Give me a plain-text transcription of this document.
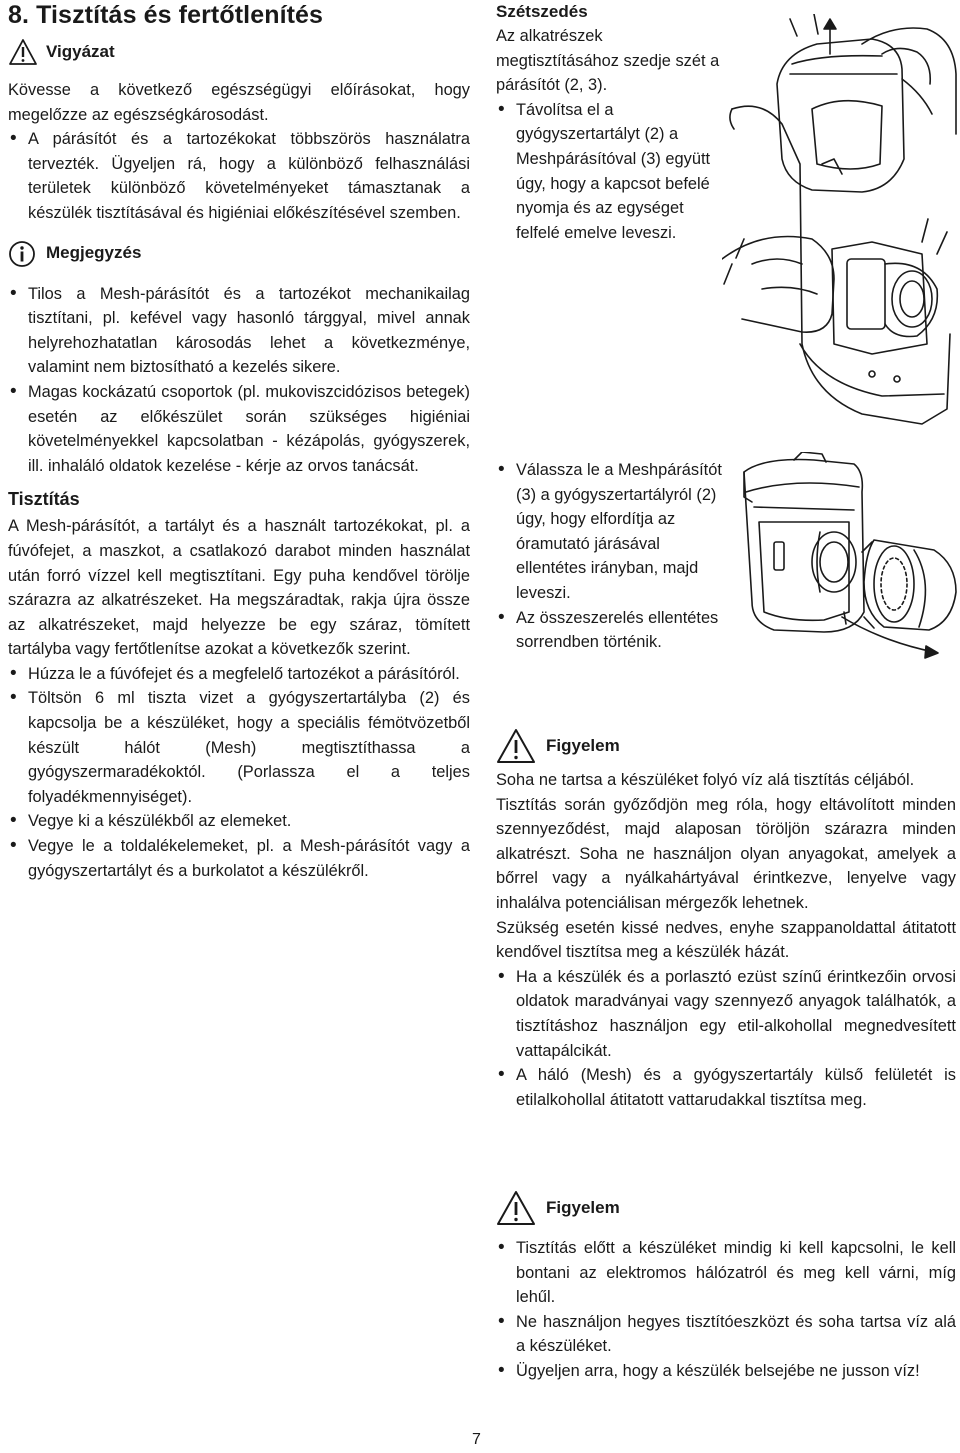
8. Tisztítás és fertőtlenítés
Vigyázat

Kövesse a következő egészségügyi előírásokat, hogy megelőzze az egészségkárosodást.

• A párásítót és a tartozékokat többszörös használatra tervezték. Ügyeljen rá, hogy a különböző felhasználási területek különböző követelményeket támasztanak a készülék tisztításával és higiéniai előkészítésével szemben.
Megjegyzés
• Tilos a Mesh-párásítót és a tartozékot mechanikailag tisztítani, pl. kefével vagy hasonló tárggyal, mivel annak helyrehozhatatlan károsodás lehet a következménye, valamint nem biztosítható a kezelés sikere.
• Magas kockázatú csoportok (pl. mukoviszcidózisos betegek) esetén az előkészület során szükséges higiéniai követelményekkel kapcsolatban - kézápolás, gyógyszerek, ill. inhaláló oldatok kezelése - kérje az orvos tanácsát.
Tisztítás

A Mesh-párásítót, a tartályt és a használt tartozékokat, pl. a fúvófejet, a maszkot, a csatlakozó darabot minden használat után forró vízzel kell megtisztítani. Egy puha kendővel törölje szárazra az alkatrészeket. Ha megszáradtak, rakja újra össze az alkatrészeket, majd helyezze be egy száraz, tömített tartályba vagy fertőtlenítse azokat a következők szerint.

• Húzza le a fúvófejet és a megfelelő tartozékot a párásítóról.
• Töltsön 6 ml tiszta vizet a gyógyszertartályba (2) és kapcsolja be a készüléket, hogy a speciális fémötvözetből készült hálót (Mesh) megtisztíthassa a gyógyszermaradékoktól. (Porlassza el a teljes folyadékmennyiséget).
• Vegye ki a készülékből az elemeket.
• Vegye le a toldalékelemeket, pl. a Mesh-párásítót vagy a gyógyszertartályt és a burkolatot a készülékről.
Szétszedés

Az alkatrészek megtisztításához szedje szét a párásítót (2, 3).

• Távolítsa el a gyógyszertartályt (2) a Meshpárásítóval (3) együtt úgy, hogy a kapcsot befelé nyomja és az egységet felfelé emelve leveszi.
• Válassza le a Meshpárásítót (3) a gyógyszertartályról (2) úgy, hogy elfordítja az óramutató járásával ellentétes irányban, majd leveszi.
• Az összeszerelés ellentétes sorrendben történik.
Figyelem

Soha ne tartsa a készüléket folyó víz alá tisztítás céljából.

Tisztítás során győződjön meg róla, hogy eltávolított minden szennyeződést, majd alaposan töröljön szárazra minden alkatrészt. Soha ne használjon olyan anyagokat, amelyek a bőrrel vagy a nyálkahártyával érintkezve, lenyelve vagy inhalálva potenciálisan mérgezők lehetnek.

Szükség esetén kissé nedves, enyhe szappanoldattal átitatott kendővel tisztítsa meg a készülék házát.

• Ha a készülék és a porlasztó ezüst színű érintkezőin orvosi oldatok maradványai vagy szennyező anyagok találhatók, a tisztításhoz használjon egy etil-alkohollal megnedvesített vattapálcikát.
• A háló (Mesh) és a gyógyszertartály külső felületét is etilalkohollal átitatott vattarudakkal tisztítsa meg.
Figyelem
• Tisztítás előtt a készüléket mindig ki kell kapcsolni, le kell bontani az elektromos hálózatról és meg kell várni, míg lehűl.
• Ne használjon hegyes tisztítóeszközt és soha tartsa víz alá a készüléket.
• Ügyeljen arra, hogy a készülék belsejébe ne jusson víz!
7
